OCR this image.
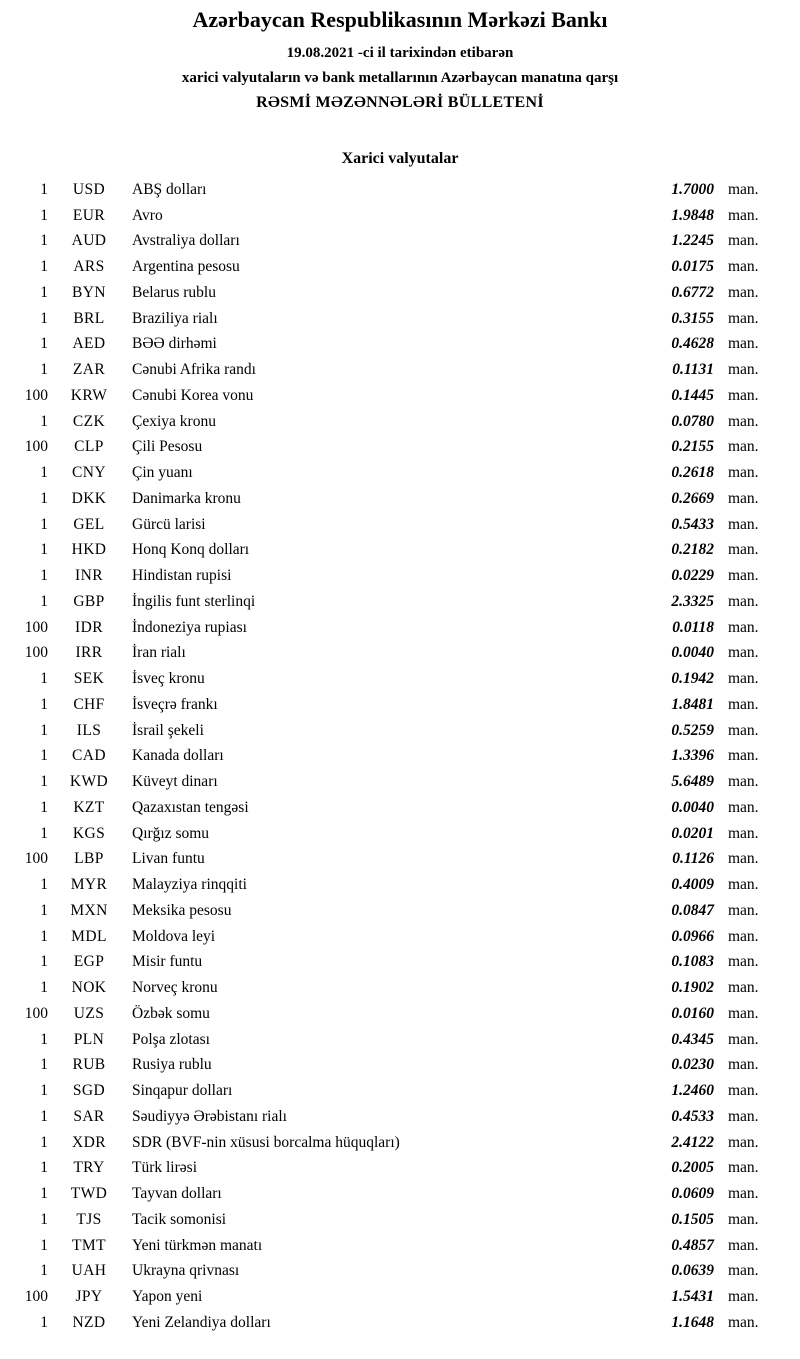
Azərbaycan Respublikasının Mərkəzi Bankı
19.08.2021 -ci il tarixindən etibarən
xarici valyutaların və bank metallarının Azərbaycan manatına qarşı
RƏSMİ MƏZƏNNƏLƏRİ BÜLLETENİ
Xarici valyutalar
1	USD	ABŞ dolları	1.7000 man.
1	EUR	Avro	1.9848 man.
1	AUD	Avstraliya dolları	1.2245 man.
1	ARS	Argentina pesosu	0.0175 man.
1	BYN	Belarus rublu	0.6772 man.
1	BRL	Braziliya rialı	0.3155 man.
1	AED	BƏƏ dirhəmi	0.4628 man.
1	ZAR	Cənubi Afrika randı	0.1131 man.
100	KRW	Cənubi Korea vonu	0.1445 man.
1	CZK	Çexiya kronu	0.0780 man.
100	CLP	Çili Pesosu	0.2155 man.
1	CNY	Çin yuanı	0.2618 man.
1	DKK	Danimarka kronu	0.2669 man.
1	GEL	Gürcü larisi	0.5433 man.
1	HKD	Honq Konq dolları	0.2182 man.
1	INR	Hindistan rupisi	0.0229 man.
1	GBP	İngilis funt sterlinqi	2.3325 man.
100	IDR	İndoneziya rupiası	0.0118 man.
100	IRR	İran rialı	0.0040 man.
1	SEK	İsveç kronu	0.1942 man.
1	CHF	İsveçrə frankı	1.8481 man.
1	ILS	İsrail şekeli	0.5259 man.
1	CAD	Kanada dolları	1.3396 man.
1	KWD	Küveyt dinarı	5.6489 man.
1	KZT	Qazaxıstan tengəsi	0.0040 man.
1	KGS	Qırğız somu	0.0201 man.
100	LBP	Livan funtu	0.1126 man.
1	MYR	Malayziya rinqqiti	0.4009 man.
1	MXN	Meksika pesosu	0.0847 man.
1	MDL	Moldova leyi	0.0966 man.
1	EGP	Misir funtu	0.1083 man.
1	NOK	Norveç kronu	0.1902 man.
100	UZS	Özbək somu	0.0160 man.
1	PLN	Polşa zlotası	0.4345 man.
1	RUB	Rusiya rublu	0.0230 man.
1	SGD	Sinqapur dolları	1.2460 man.
1	SAR	Səudiyyə Ərəbistanı rialı	0.4533 man.
1	XDR	SDR (BVF-nin xüsusi borcalma hüquqları)	2.4122 man.
1	TRY	Türk lirəsi	0.2005 man.
1	TWD	Tayvan dolları	0.0609 man.
1	TJS	Tacik somonisi	0.1505 man.
1	TMT	Yeni türkmən manatı	0.4857 man.
1	UAH	Ukrayna qrivnası	0.0639 man.
100	JPY	Yapon yeni	1.5431 man.
1	NZD	Yeni Zelandiya dolları	1.1648 man.
